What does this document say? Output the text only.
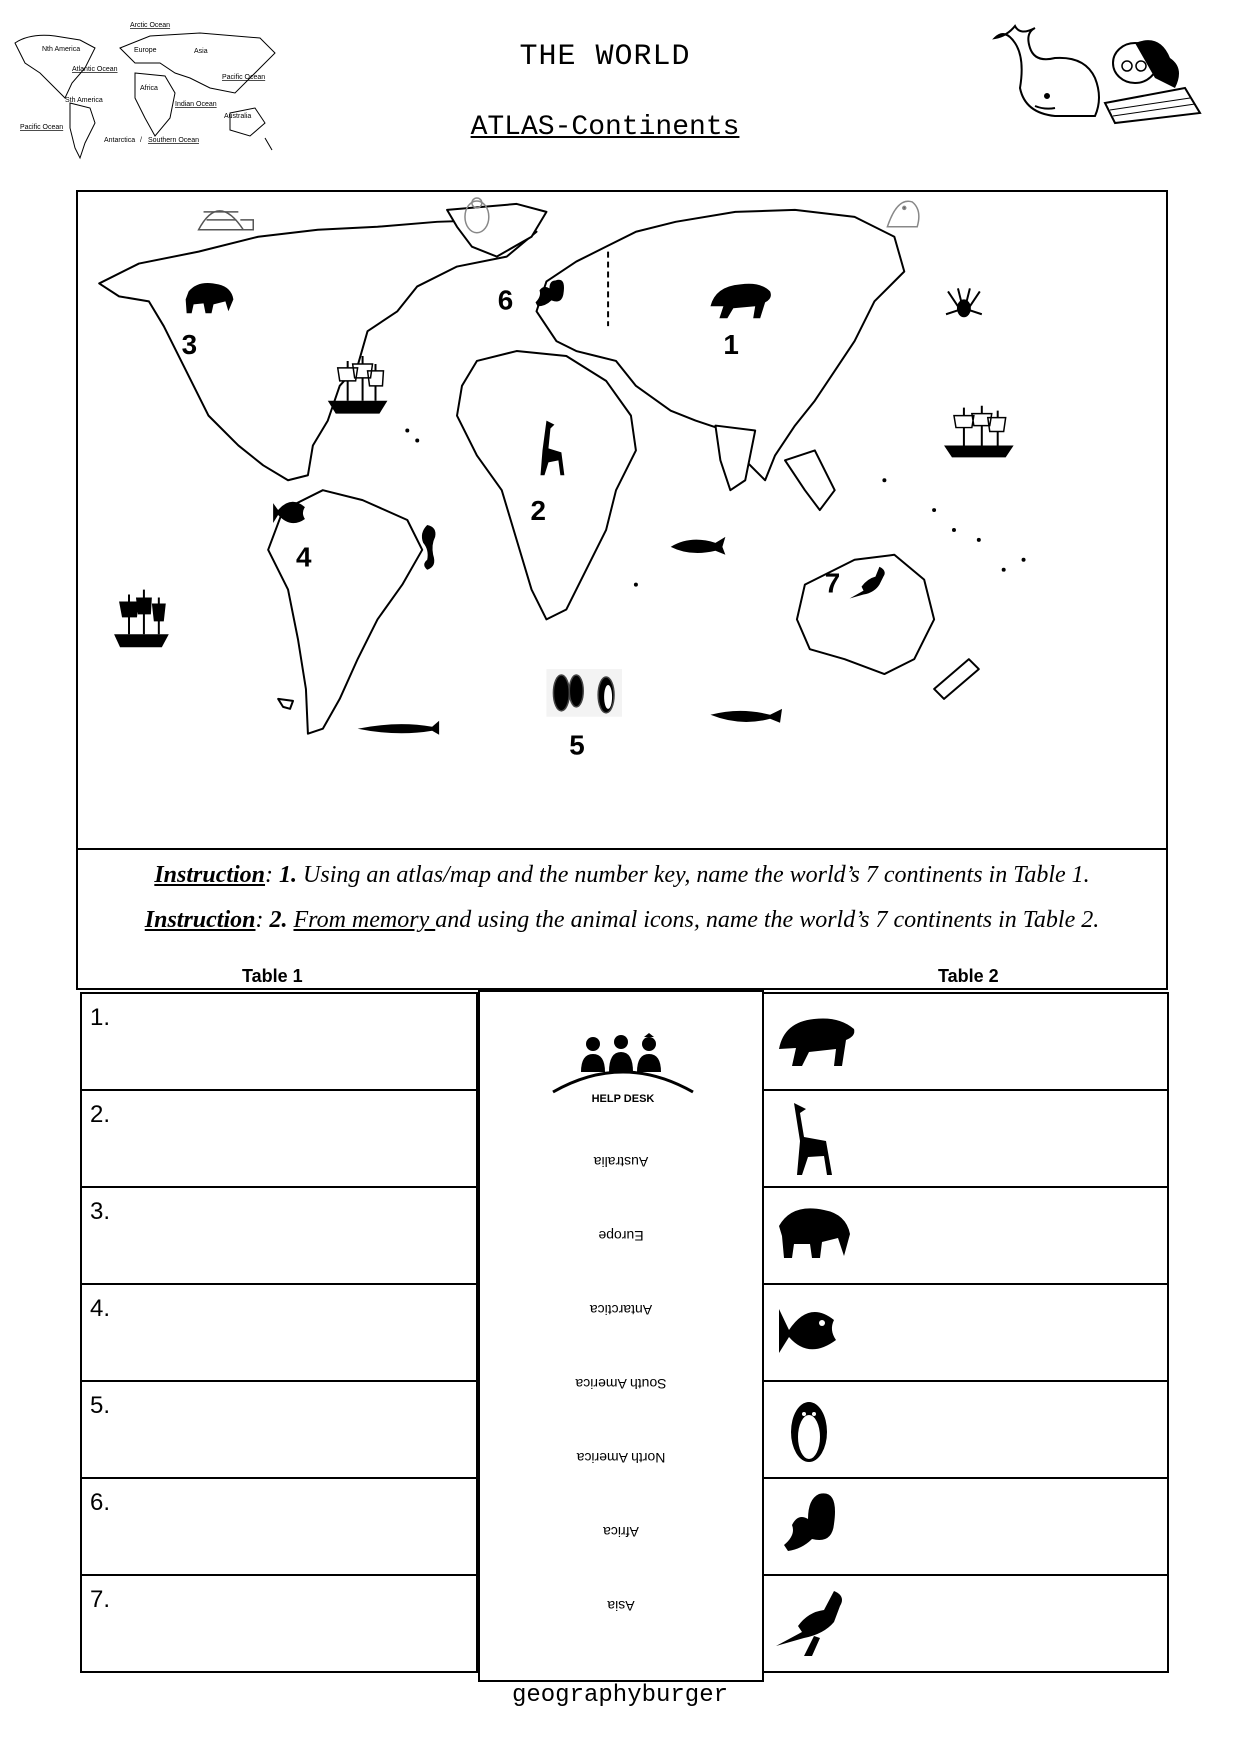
Arctic Ocean
Nth America	Europe	Asia
Atlantic Ocean
Pacific Ocean
Africa
Sth America
Indian Ocean
Australia
Pacific Ocean
Antarctica / Southern Ocean
THE WORLD
ATLAS-Continents
3
6
1
2
4
7
5
Instruction: 1. Using an atlas/map and the number key, name the world’s 7 continents in Table 1.
Instruction: 2. From memory and using the animal icons, name the world’s 7 continents in Table 2.
Table 1	Table 2
1.
2.
3.
4.
5.
6.
7.
HELP DESK
Australia
Europe
Antarctica
South America
North America
Africa
Asia
geographyburger
